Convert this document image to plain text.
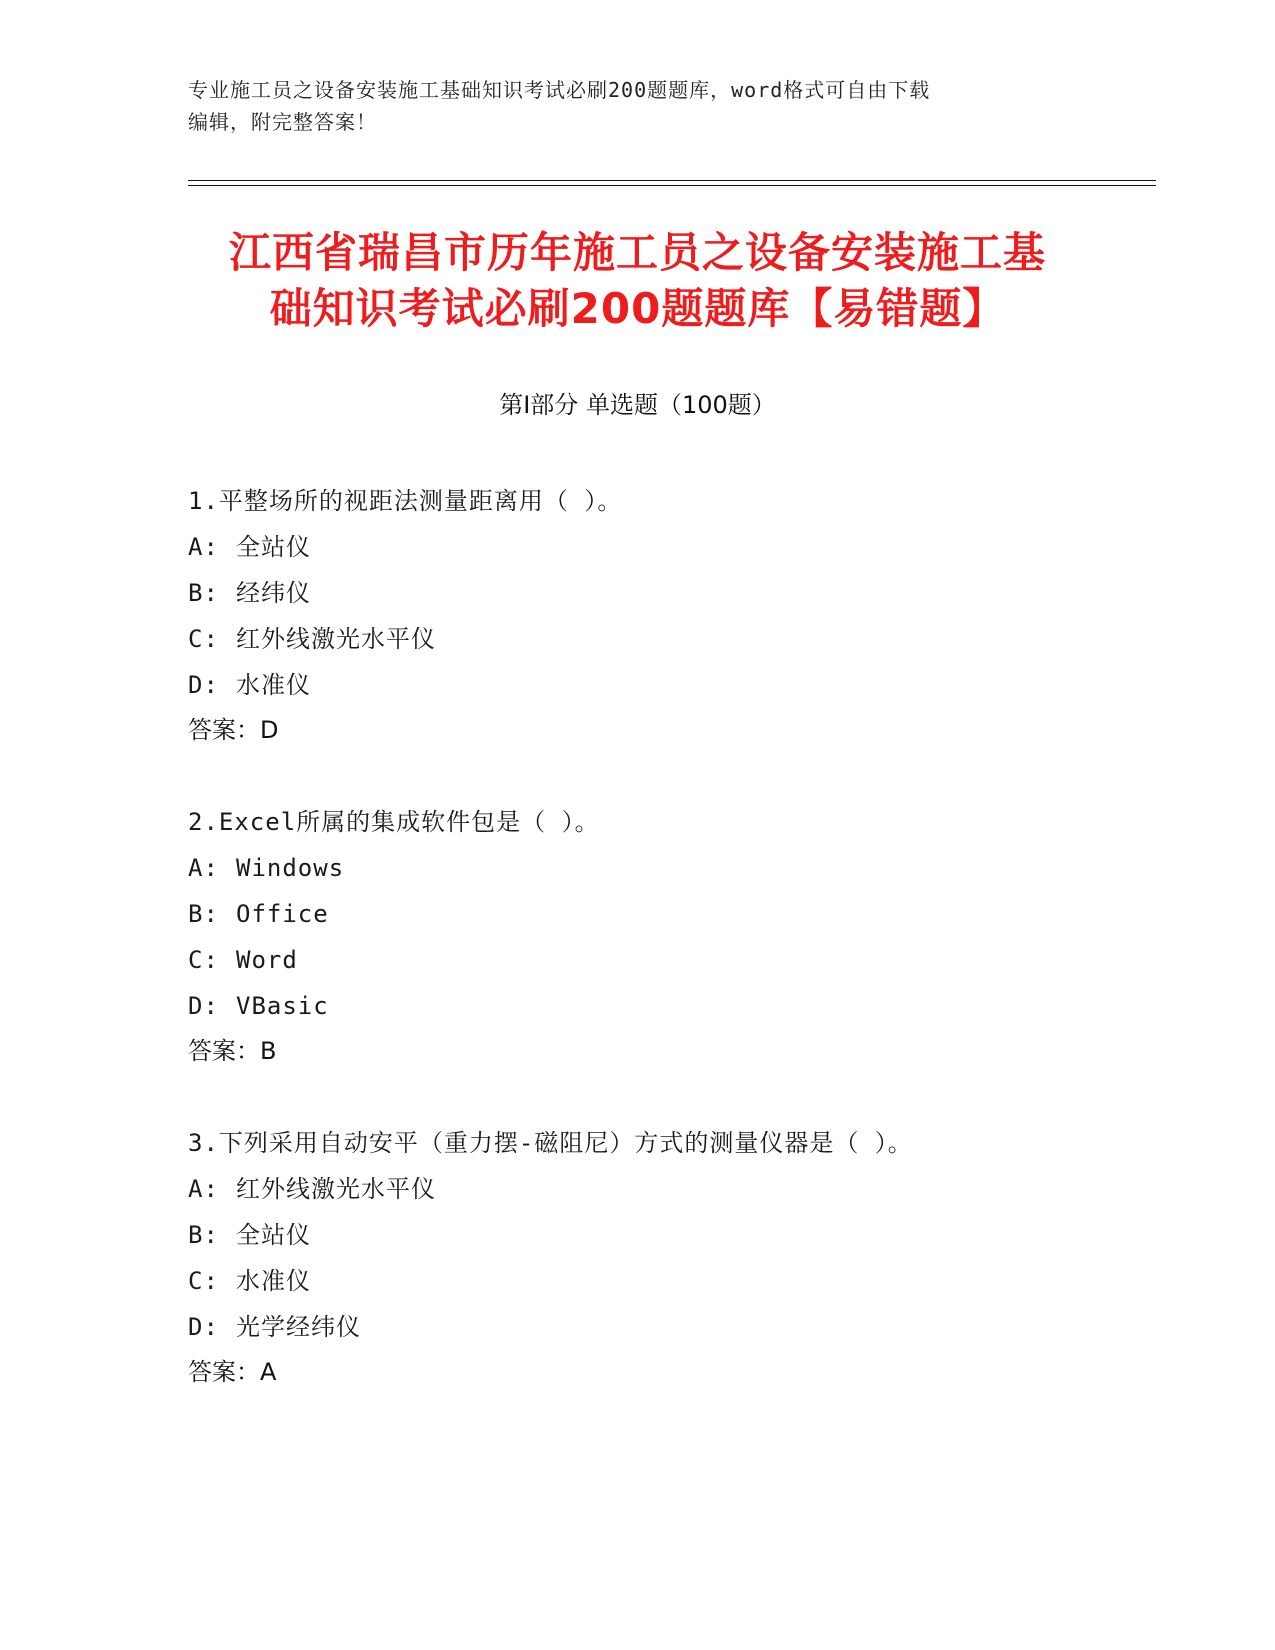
专业施工员之设备安装施工基础知识考试必刷200题题库，word格式可自由下载
编辑，附完整答案！
江西省瑞昌市历年施工员之设备安装施工基
础知识考试必刷200题题库【易错题】
第Ⅰ部分 单选题（100题）
1.平整场所的视距法测量距离用（ ）。
A: 全站仪
B: 经纬仪
C: 红外线激光水平仪
D: 水准仪
答案：D
2.Excel所属的集成软件包是（ ）。
A: Windows
B: Office
C: Word
D: VBasic
答案：B
3.下列采用自动安平（重力摆-磁阻尼）方式的测量仪器是（ ）。
A: 红外线激光水平仪
B: 全站仪
C: 水准仪
D: 光学经纬仪
答案：A
